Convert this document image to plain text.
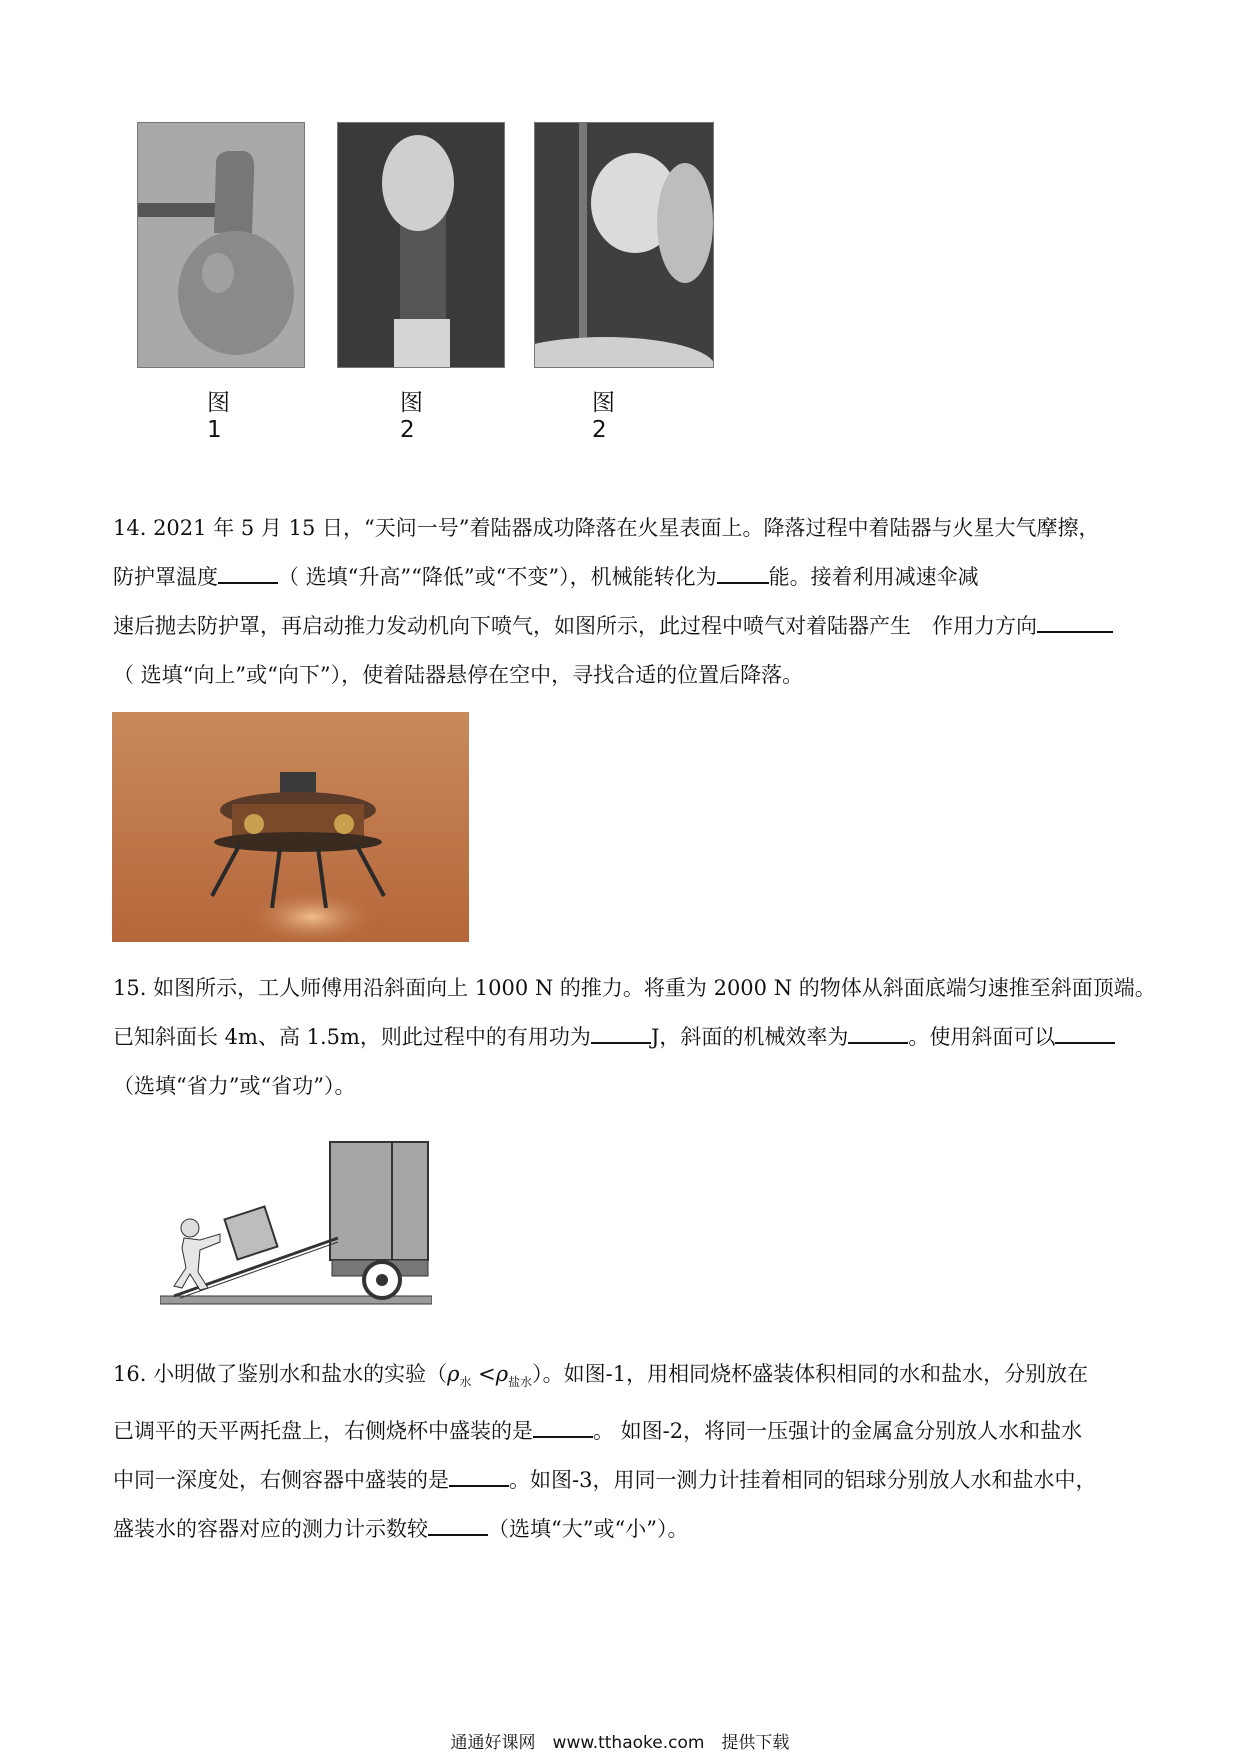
图1
图2
图2

14. 2021 年 5 月 15 日，“天问一号”着陆器成功降落在火星表面上。降落过程中着陆器与火星大气摩擦，

防护罩温度	（ 选填“升高”“降低”或“不变”），机械能转化为 能。接着利用减速伞减

速后抛去防护罩，再启动推力发动机向下喷气，如图所示，此过程中喷气对着陆器产生　作用力方向

（ 选填“向上”或“向下”），使着陆器悬停在空中，寻找合适的位置后降落。

15. 如图所示，工人师傅用沿斜面向上 1000 N 的推力。将重为 2000 N 的物体从斜面底端匀速推至斜面顶端。

已知斜面长 4m、高 1.5m，则此过程中的有用功为	J，斜面的机械效率为	。使用斜面可以

（选填“省力”或“省功”）。

16. 小明做了鉴别水和盐水的实验$(\rho_水 <\rho_{盐水})$。如图-1，用相同烧杯盛装体积相同的水和盐水，分别放在

已调平的天平两托盘上，右侧烧杯中盛装的是	。 如图-2，将同一压强计的金属盒分别放人水和盐水

中同一深度处，右侧容器中盛装的是	。如图-3，用同一测力计挂着相同的铝球分别放人水和盐水中，

盛装水的容器对应的测力计示数较	（选填“大”或“小”）。

通通好课网　www.tthaoke.com　提供下载
